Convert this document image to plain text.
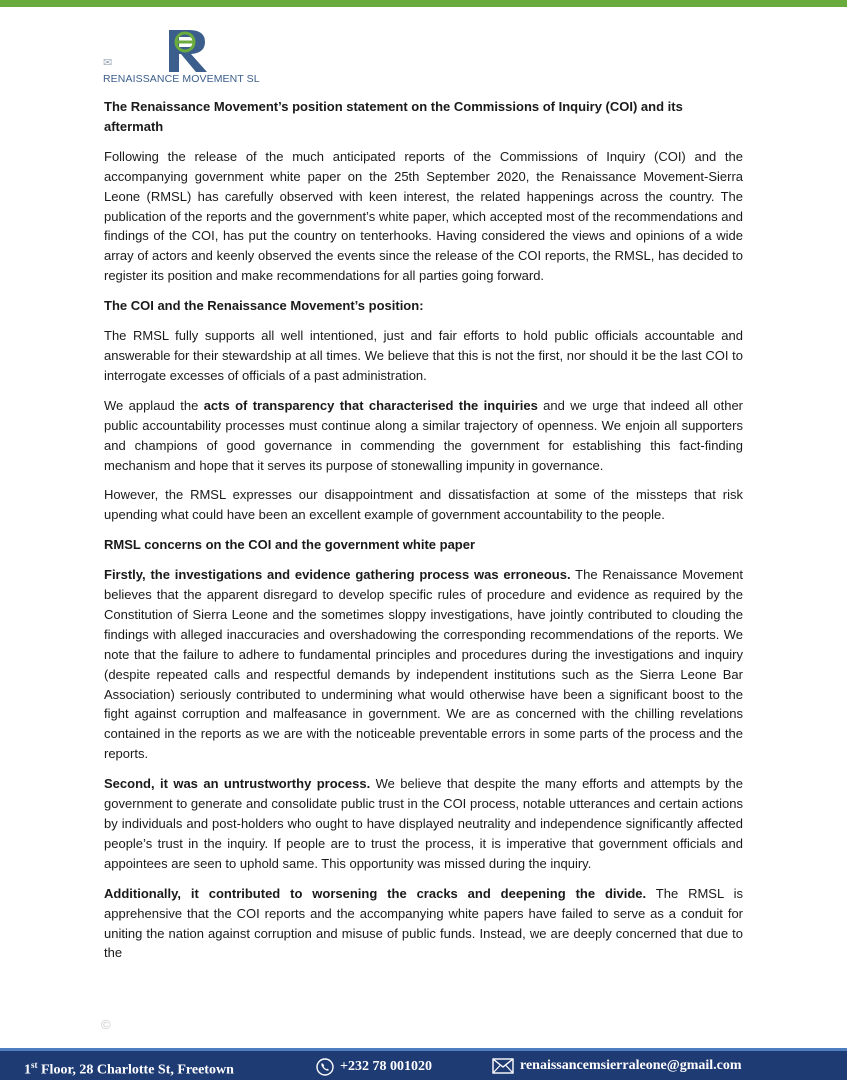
✉
RENAISSANCE MOVEMENT SL
The Renaissance Movement’s position statement on the Commissions of Inquiry (COI) and its aftermath

Following the release of the much anticipated reports of the Commissions of Inquiry (COI) and the accompanying government white paper on the 25th September 2020, the Renaissance Movement-Sierra Leone (RMSL) has carefully observed with keen interest, the related happenings across the country. The publication of the reports and the government’s white paper, which accepted most of the recommendations and findings of the COI, has put the country on tenterhooks. Having considered the views and opinions of a wide array of actors and keenly observed the events since the release of the COI reports, the RMSL, has decided to register its position and make recommendations for all parties going forward.

The COI and the Renaissance Movement’s position:

The RMSL fully supports all well intentioned, just and fair efforts to hold public officials accountable and answerable for their stewardship at all times. We believe that this is not the first, nor should it be the last COI to interrogate excesses of officials of a past administration.

We applaud the acts of transparency that characterised the inquiries and we urge that indeed all other public accountability processes must continue along a similar trajectory of openness. We enjoin all supporters and champions of good governance in commending the government for establishing this fact-finding mechanism and hope that it serves its purpose of stonewalling impunity in governance.

However, the RMSL expresses our disappointment and dissatisfaction at some of the missteps that risk upending what could have been an excellent example of government accountability to the people.

RMSL concerns on the COI and the government white paper

Firstly, the investigations and evidence gathering process was erroneous. The Renaissance Movement believes that the apparent disregard to develop specific rules of procedure and evidence as required by the Constitution of Sierra Leone and the sometimes sloppy investigations, have jointly contributed to clouding the findings with alleged inaccuracies and overshadowing the corresponding recommendations of the reports. We note that the failure to adhere to fundamental principles and procedures during the investigations and inquiry (despite repeated calls and respectful demands by independent institutions such as the Sierra Leone Bar Association) seriously contributed to undermining what would otherwise have been a significant boost to the fight against corruption and malfeasance in government. We are as concerned with the chilling revelations contained in the reports as we are with the noticeable preventable errors in some parts of the process and the reports.

Second, it was an untrustworthy process. We believe that despite the many efforts and attempts by the government to generate and consolidate public trust in the COI process, notable utterances and certain actions by individuals and post-holders who ought to have displayed neutrality and independence significantly affected people’s trust in the inquiry. If people are to trust the process, it is imperative that government officials and appointees are seen to uphold same. This opportunity was missed during the inquiry.

Additionally, it contributed to worsening the cracks and deepening the divide. The RMSL is apprehensive that the COI reports and the accompanying white papers have failed to serve as a conduit for uniting the nation against corruption and misuse of public funds. Instead, we are deeply concerned that due to the

©
1st Floor, 28 Charlotte St, Freetown	+232 78 001020	renaissancemsierraleone@gmail.com
